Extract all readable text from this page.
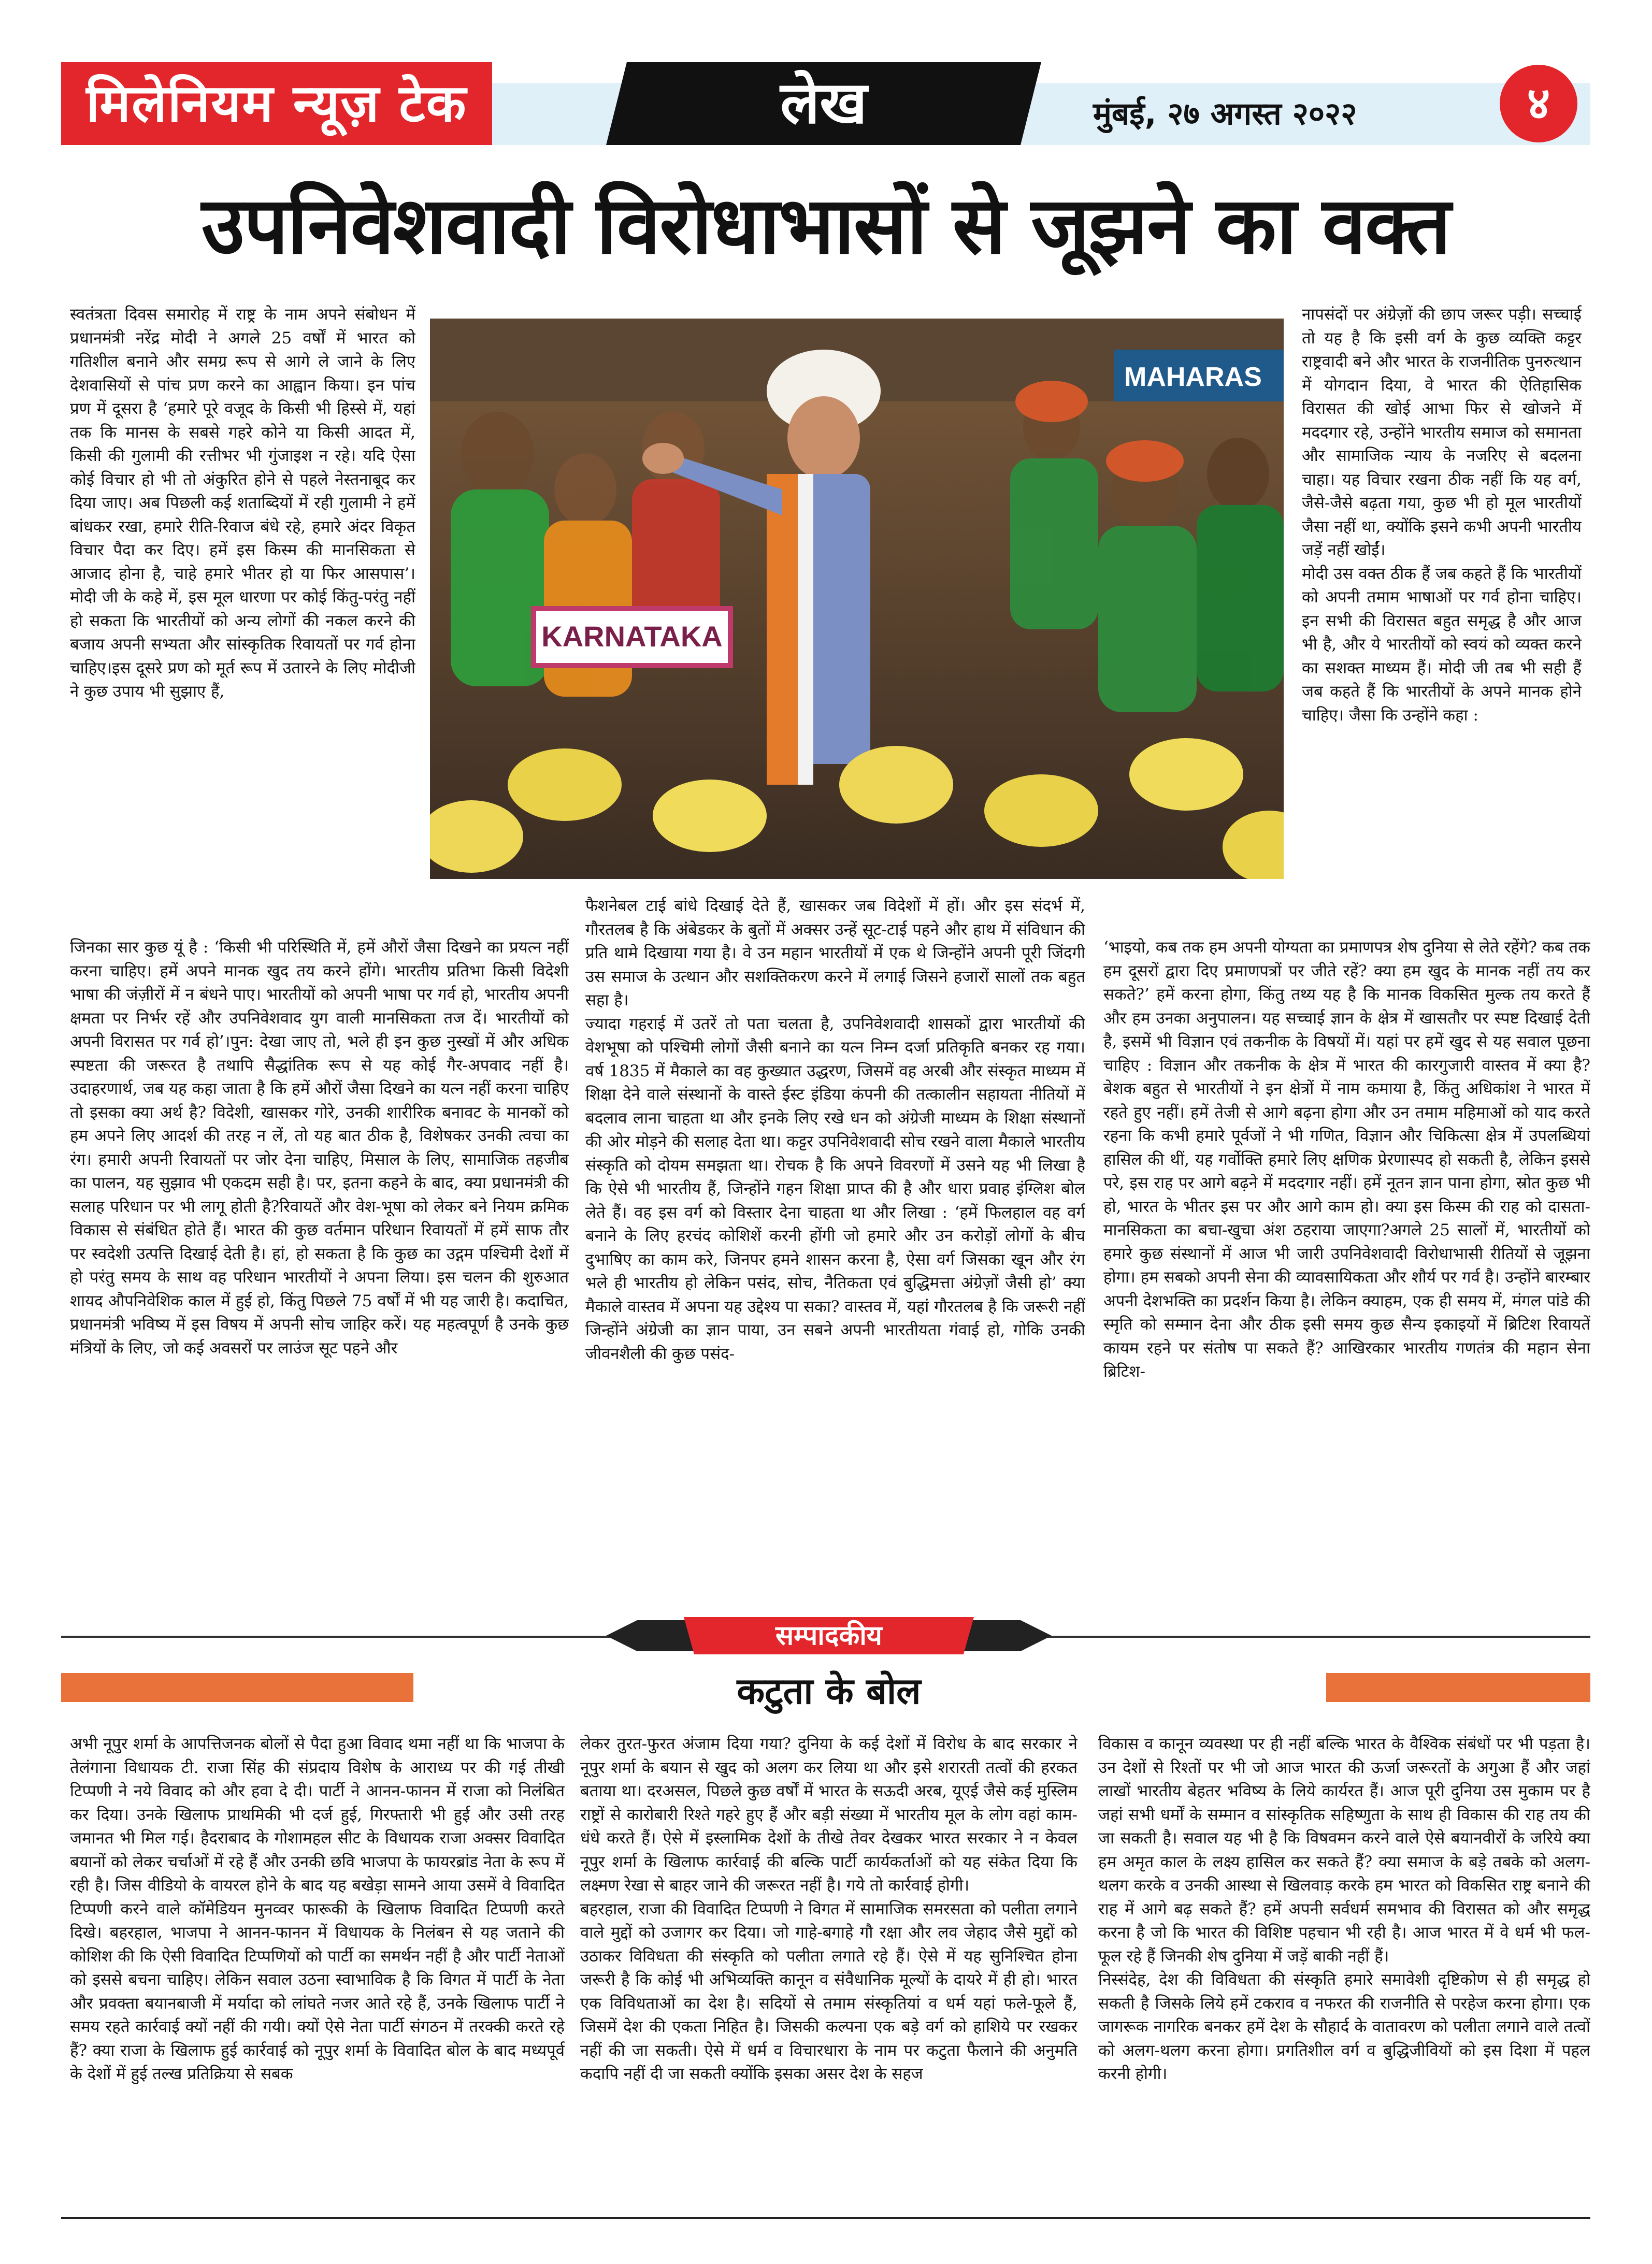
मिलेनियम न्यूज़ टेक	लेख	मुंबई, २७ अगस्त २०२२	४
उपनिवेशवादी विरोधाभासों से जूझने का वक्त

स्वतंत्रता दिवस समारोह में राष्ट्र के नाम अपने संबोधन में प्रधानमंत्री नरेंद्र मोदी ने अगले 25 वर्षों में भारत को गतिशील बनाने और समग्र रूप से आगे ले जाने के लिए देशवासियों से पांच प्रण करने का आह्वान किया। इन पांच प्रण में दूसरा है ‘हमारे पूरे वजूद के किसी भी हिस्से में, यहां तक कि मानस के सबसे गहरे कोने या किसी आदत में, किसी की गुलामी की रत्तीभर भी गुंजाइश न रहे। यदि ऐसा कोई विचार हो भी तो अंकुरित होने से पहले नेस्तनाबूद कर दिया जाए। अब पिछली कई शताब्दियों में रही गुलामी ने हमें बांधकर रखा, हमारे रीति-रिवाज बंधे रहे, हमारे अंदर विकृत विचार पैदा कर दिए। हमें इस किस्म की मानसिकता से आजाद होना है, चाहे हमारे भीतर हो या फिर आसपास’। मोदी जी के कहे में, इस मूल धारणा पर कोई किंतु-परंतु नहीं हो सकता कि भारतीयों को अन्य लोगों की नकल करने की बजाय अपनी सभ्यता और सांस्कृतिक रिवायतों पर गर्व होना चाहिए।इस दूसरे प्रण को मूर्त रूप में उतारने के लिए मोदीजी ने कुछ उपाय भी सुझाए हैं,

KARNATAKA
MAHARAS

नापसंदों पर अंग्रेज़ों की छाप जरूर पड़ी। सच्चाई तो यह है कि इसी वर्ग के कुछ व्यक्ति कट्टर राष्ट्रवादी बने और भारत के राजनीतिक पुनरुत्थान में योगदान दिया, वे भारत की ऐतिहासिक विरासत की खोई आभा फिर से खोजने में मददगार रहे, उन्होंने भारतीय समाज को समानता और सामाजिक न्याय के नजरिए से बदलना चाहा। यह विचार रखना ठीक नहीं कि यह वर्ग, जैसे-जैसे बढ़ता गया, कुछ भी हो मूल भारतीयों जैसा नहीं था, क्योंकि इसने कभी अपनी भारतीय जड़ें नहीं खोईं।

मोदी उस वक्त ठीक हैं जब कहते हैं कि भारतीयों को अपनी तमाम भाषाओं पर गर्व होना चाहिए। इन सभी की विरासत बहुत समृद्ध है और आज भी है, और ये भारतीयों को स्वयं को व्यक्त करने का सशक्त माध्यम हैं। मोदी जी तब भी सही हैं जब कहते हैं कि भारतीयों के अपने मानक होने चाहिए। जैसा कि उन्होंने कहा :

जिनका सार कुछ यूं है : ‘किसी भी परिस्थिति में, हमें औरों जैसा दिखने का प्रयत्न नहीं करना चाहिए। हमें अपने मानक खुद तय करने होंगे। भारतीय प्रतिभा किसी विदेशी भाषा की जंज़ीरों में न बंधने पाए। भारतीयों को अपनी भाषा पर गर्व हो, भारतीय अपनी क्षमता पर निर्भर रहें और उपनिवेशवाद युग वाली मानसिकता तज दें। भारतीयों को अपनी विरासत पर गर्व हो’।पुन: देखा जाए तो, भले ही इन कुछ नुस्खों में और अधिक स्पष्टता की जरूरत है तथापि सैद्धांतिक रूप से यह कोई गैर-अपवाद नहीं है। उदाहरणार्थ, जब यह कहा जाता है कि हमें औरों जैसा दिखने का यत्न नहीं करना चाहिए तो इसका क्या अर्थ है? विदेशी, खासकर गोरे, उनकी शारीरिक बनावट के मानकों को हम अपने लिए आदर्श की तरह न लें, तो यह बात ठीक है, विशेषकर उनकी त्वचा का रंग। हमारी अपनी रिवायतों पर जोर देना चाहिए, मिसाल के लिए, सामाजिक तहजीब का पालन, यह सुझाव भी एकदम सही है। पर, इतना कहने के बाद, क्या प्रधानमंत्री की सलाह परिधान पर भी लागू होती है?रिवायतें और वेश-भूषा को लेकर बने नियम क्रमिक विकास से संबंधित होते हैं। भारत की कुछ वर्तमान परिधान रिवायतों में हमें साफ तौर पर स्वदेशी उत्पत्ति दिखाई देती है। हां, हो सकता है कि कुछ का उद्गम पश्चिमी देशों में हो परंतु समय के साथ वह परिधान भारतीयों ने अपना लिया। इस चलन की शुरुआत शायद औपनिवेशिक काल में हुई हो, किंतु पिछले 75 वर्षों में भी यह जारी है। कदाचित, प्रधानमंत्री भविष्य में इस विषय में अपनी सोच जाहिर करें। यह महत्वपूर्ण है उनके कुछ मंत्रियों के लिए, जो कई अवसरों पर लाउंज सूट पहने और

फैशनेबल टाई बांधे दिखाई देते हैं, खासकर जब विदेशों में हों। और इस संदर्भ में, गौरतलब है कि अंबेडकर के बुतों में अक्सर उन्हें सूट-टाई पहने और हाथ में संविधान की प्रति थामे दिखाया गया है। वे उन महान भारतीयों में एक थे जिन्होंने अपनी पूरी जिंदगी उस समाज के उत्थान और सशक्तिकरण करने में लगाई जिसने हजारों सालों तक बहुत सहा है।

ज्यादा गहराई में उतरें तो पता चलता है, उपनिवेशवादी शासकों द्वारा भारतीयों की वेशभूषा को पश्चिमी लोगों जैसी बनाने का यत्न निम्न दर्जा प्रतिकृति बनकर रह गया। वर्ष 1835 में मैकाले का वह कुख्यात उद्धरण, जिसमें वह अरबी और संस्कृत माध्यम में शिक्षा देने वाले संस्थानों के वास्ते ईस्ट इंडिया कंपनी की तत्कालीन सहायता नीतियों में बदलाव लाना चाहता था और इनके लिए रखे धन को अंग्रेजी माध्यम के शिक्षा संस्थानों की ओर मोड़ने की सलाह देता था। कट्टर उपनिवेशवादी सोच रखने वाला मैकाले भारतीय संस्कृति को दोयम समझता था। रोचक है कि अपने विवरणों में उसने यह भी लिखा है कि ऐसे भी भारतीय हैं, जिन्होंने गहन शिक्षा प्राप्त की है और धारा प्रवाह इंग्लिश बोल लेते हैं। वह इस वर्ग को विस्तार देना चाहता था और लिखा : ‘हमें फिलहाल वह वर्ग बनाने के लिए हरचंद कोशिशें करनी होंगी जो हमारे और उन करोड़ों लोगों के बीच दुभाषिए का काम करे, जिनपर हमने शासन करना है, ऐसा वर्ग जिसका खून और रंग भले ही भारतीय हो लेकिन पसंद, सोच, नैतिकता एवं बुद्धिमत्ता अंग्रेज़ों जैसी हो’ क्या मैकाले वास्तव में अपना यह उद्देश्य पा सका? वास्तव में, यहां गौरतलब है कि जरूरी नहीं जिन्होंने अंग्रेजी का ज्ञान पाया, उन सबने अपनी भारतीयता गंवाई हो, गोकि उनकी जीवनशैली की कुछ पसंद-

‘भाइयो, कब तक हम अपनी योग्यता का प्रमाणपत्र शेष दुनिया से लेते रहेंगे? कब तक हम दूसरों द्वारा दिए प्रमाणपत्रों पर जीते रहें? क्या हम खुद के मानक नहीं तय कर सकते?’ हमें करना होगा, किंतु तथ्य यह है कि मानक विकसित मुल्क तय करते हैं और हम उनका अनुपालन। यह सच्चाई ज्ञान के क्षेत्र में खासतौर पर स्पष्ट दिखाई देती है, इसमें भी विज्ञान एवं तकनीक के विषयों में। यहां पर हमें खुद से यह सवाल पूछना चाहिए : विज्ञान और तकनीक के क्षेत्र में भारत की कारगुजारी वास्तव में क्या है? बेशक बहुत से भारतीयों ने इन क्षेत्रों में नाम कमाया है, किंतु अधिकांश ने भारत में रहते हुए नहीं। हमें तेजी से आगे बढ़ना होगा और उन तमाम महिमाओं को याद करते रहना कि कभी हमारे पूर्वजों ने भी गणित, विज्ञान और चिकित्सा क्षेत्र में उपलब्धियां हासिल की थीं, यह गर्वोक्ति हमारे लिए क्षणिक प्रेरणास्पद हो सकती है, लेकिन इससे परे, इस राह पर आगे बढ़ने में मददगार नहीं। हमें नूतन ज्ञान पाना होगा, स्रोत कुछ भी हो, भारत के भीतर इस पर और आगे काम हो। क्या इस किस्म की राह को दासता-मानसिकता का बचा-खुचा अंश ठहराया जाएगा?अगले 25 सालों में, भारतीयों को हमारे कुछ संस्थानों में आज भी जारी उपनिवेशवादी विरोधाभासी रीतियों से जूझना होगा। हम सबको अपनी सेना की व्यावसायिकता और शौर्य पर गर्व है। उन्होंने बारम्बार अपनी देशभक्ति का प्रदर्शन किया है। लेकिन क्याहम, एक ही समय में, मंगल पांडे की स्मृति को सम्मान देना और ठीक इसी समय कुछ सैन्य इकाइयों में ब्रिटिश रिवायतें कायम रहने पर संतोष पा सकते हैं? आखिरकार भारतीय गणतंत्र की महान सेना ब्रिटिश-

सम्पादकीय
कटुता के बोल

अभी नूपुर शर्मा के आपत्तिजनक बोलों से पैदा हुआ विवाद थमा नहीं था कि भाजपा के तेलंगाना विधायक टी. राजा सिंह की संप्रदाय विशेष के आराध्य पर की गई तीखी टिप्पणी ने नये विवाद को और हवा दे दी। पार्टी ने आनन-फानन में राजा को निलंबित कर दिया। उनके खिलाफ प्राथमिकी भी दर्ज हुई, गिरफ्तारी भी हुई और उसी तरह जमानत भी मिल गई। हैदराबाद के गोशामहल सीट के विधायक राजा अक्सर विवादित बयानों को लेकर चर्चाओं में रहे हैं और उनकी छवि भाजपा के फायरब्रांड नेता के रूप में रही है। जिस वीडियो के वायरल होने के बाद यह बखेड़ा सामने आया उसमें वे विवादित टिप्पणी करने वाले कॉमेडियन मुनव्वर फारूकी के खिलाफ विवादित टिप्पणी करते दिखे। बहरहाल, भाजपा ने आनन-फानन में विधायक के निलंबन से यह जताने की कोशिश की कि ऐसी विवादित टिप्पणियों को पार्टी का समर्थन नहीं है और पार्टी नेताओं को इससे बचना चाहिए। लेकिन सवाल उठना स्वाभाविक है कि विगत में पार्टी के नेता और प्रवक्ता बयानबाजी में मर्यादा को लांघते नजर आते रहे हैं, उनके खिलाफ पार्टी ने समय रहते कार्रवाई क्यों नहीं की गयी। क्यों ऐसे नेता पार्टी संगठन में तरक्की करते रहे हैं? क्या राजा के खिलाफ हुई कार्रवाई को नूपुर शर्मा के विवादित बोल के बाद मध्यपूर्व के देशों में हुई तल्ख प्रतिक्रिया से सबक

लेकर तुरत-फुरत अंजाम दिया गया? दुनिया के कई देशों में विरोध के बाद सरकार ने नूपुर शर्मा के बयान से खुद को अलग कर लिया था और इसे शरारती तत्वों की हरकत बताया था। दरअसल, पिछले कुछ वर्षों में भारत के सऊदी अरब, यूएई जैसे कई मुस्लिम राष्ट्रों से कारोबारी रिश्ते गहरे हुए हैं और बड़ी संख्या में भारतीय मूल के लोग वहां काम-धंधे करते हैं। ऐसे में इस्लामिक देशों के तीखे तेवर देखकर भारत सरकार ने न केवल नूपुर शर्मा के खिलाफ कार्रवाई की बल्कि पार्टी कार्यकर्ताओं को यह संकेत दिया कि लक्ष्मण रेखा से बाहर जाने की जरूरत नहीं है। गये तो कार्रवाई होगी।

बहरहाल, राजा की विवादित टिप्पणी ने विगत में सामाजिक समरसता को पलीता लगाने वाले मुद्दों को उजागर कर दिया। जो गाहे-बगाहे गौ रक्षा और लव जेहाद जैसे मुद्दों को उठाकर विविधता की संस्कृति को पलीता लगाते रहे हैं। ऐसे में यह सुनिश्चित होना जरूरी है कि कोई भी अभिव्यक्ति कानून व संवैधानिक मूल्यों के दायरे में ही हो। भारत एक विविधताओं का देश है। सदियों से तमाम संस्कृतियां व धर्म यहां फले-फूले हैं, जिसमें देश की एकता निहित है। जिसकी कल्पना एक बड़े वर्ग को हाशिये पर रखकर नहीं की जा सकती। ऐसे में धर्म व विचारधारा के नाम पर कटुता फैलाने की अनुमति कदापि नहीं दी जा सकती क्योंकि इसका असर देश के सहज

विकास व कानून व्यवस्था पर ही नहीं बल्कि भारत के वैश्विक संबंधों पर भी पड़ता है। उन देशों से रिश्तों पर भी जो आज भारत की ऊर्जा जरूरतों के अगुआ हैं और जहां लाखों भारतीय बेहतर भविष्य के लिये कार्यरत हैं। आज पूरी दुनिया उस मुकाम पर है जहां सभी धर्मों के सम्मान व सांस्कृतिक सहिष्णुता के साथ ही विकास की राह तय की जा सकती है। सवाल यह भी है कि विषवमन करने वाले ऐसे बयानवीरों के जरिये क्या हम अमृत काल के लक्ष्य हासिल कर सकते हैं? क्या समाज के बड़े तबके को अलग-थलग करके व उनकी आस्था से खिलवाड़ करके हम भारत को विकसित राष्ट्र बनाने की राह में आगे बढ़ सकते हैं? हमें अपनी सर्वधर्म समभाव की विरासत को और समृद्ध करना है जो कि भारत की विशिष्ट पहचान भी रही है। आज भारत में वे धर्म भी फल-फूल रहे हैं जिनकी शेष दुनिया में जड़ें बाकी नहीं हैं।

निस्संदेह, देश की विविधता की संस्कृति हमारे समावेशी दृष्टिकोण से ही समृद्ध हो सकती है जिसके लिये हमें टकराव व नफरत की राजनीति से परहेज करना होगा। एक जागरूक नागरिक बनकर हमें देश के सौहार्द के वातावरण को पलीता लगाने वाले तत्वों को अलग-थलग करना होगा। प्रगतिशील वर्ग व बुद्धिजीवियों को इस दिशा में पहल करनी होगी।
